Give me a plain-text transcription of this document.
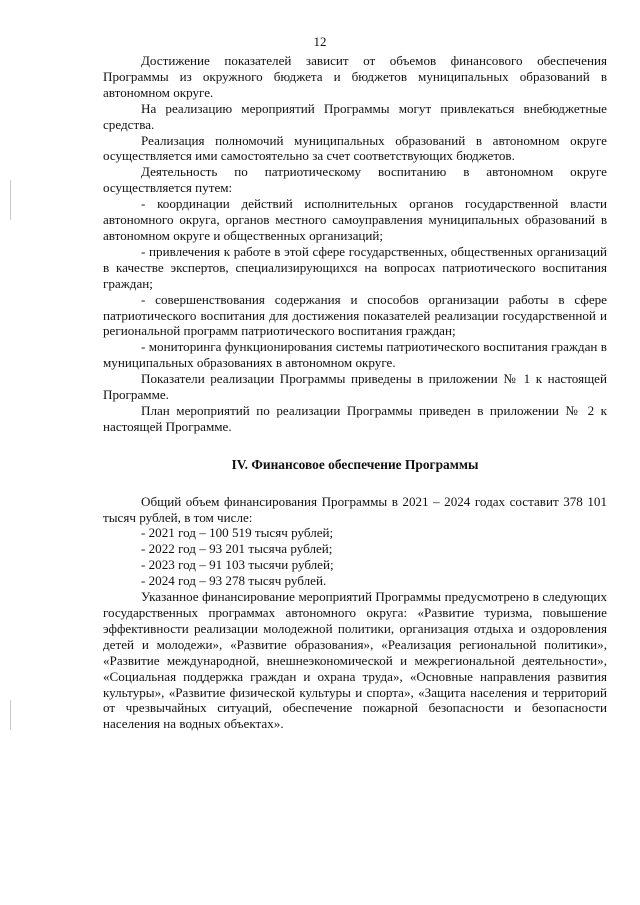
12

Достижение показателей зависит от объемов финансового обеспечения Программы из окружного бюджета и бюджетов муниципальных образований в автономном округе.

На реализацию мероприятий Программы могут привлекаться внебюджетные средства.

Реализация полномочий муниципальных образований в автономном округе осуществляется ими самостоятельно за счет соответствующих бюджетов.

Деятельность по патриотическому воспитанию в автономном округе осуществляется путем:

- координации действий исполнительных органов государственной власти автономного округа, органов местного самоуправления муниципальных образований в автономном округе и общественных организаций;

- привлечения к работе в этой сфере государственных, общественных организаций в качестве экспертов, специализирующихся на вопросах патриотического воспитания граждан;

- совершенствования содержания и способов организации работы в сфере патриотического воспитания для достижения показателей реализации государственной и региональной программ патриотического воспитания граждан;

- мониторинга функционирования системы патриотического воспитания граждан в муниципальных образованиях в автономном округе.

Показатели реализации Программы приведены в приложении № 1 к настоящей Программе.

План мероприятий по реализации Программы приведен в приложении № 2 к настоящей Программе.

IV. Финансовое обеспечение Программы

Общий объем финансирования Программы в 2021 – 2024 годах составит 378 101 тысяч рублей, в том числе:

- 2021 год – 100 519 тысяч рублей;

- 2022 год – 93 201 тысяча рублей;

- 2023 год – 91 103 тысячи рублей;

- 2024 год – 93 278 тысяч рублей.

Указанное финансирование мероприятий Программы предусмотрено в следующих государственных программах автономного округа: «Развитие туризма, повышение эффективности реализации молодежной политики, организация отдыха и оздоровления детей и молодежи», «Развитие образования», «Реализация региональной политики», «Развитие международной, внешнеэкономической и межрегиональной деятельности», «Социальная поддержка граждан и охрана труда», «Основные направления развития культуры», «Развитие физической культуры и спорта», «Защита населения и территорий от чрезвычайных ситуаций, обеспечение пожарной безопасности и безопасности населения на водных объектах».
